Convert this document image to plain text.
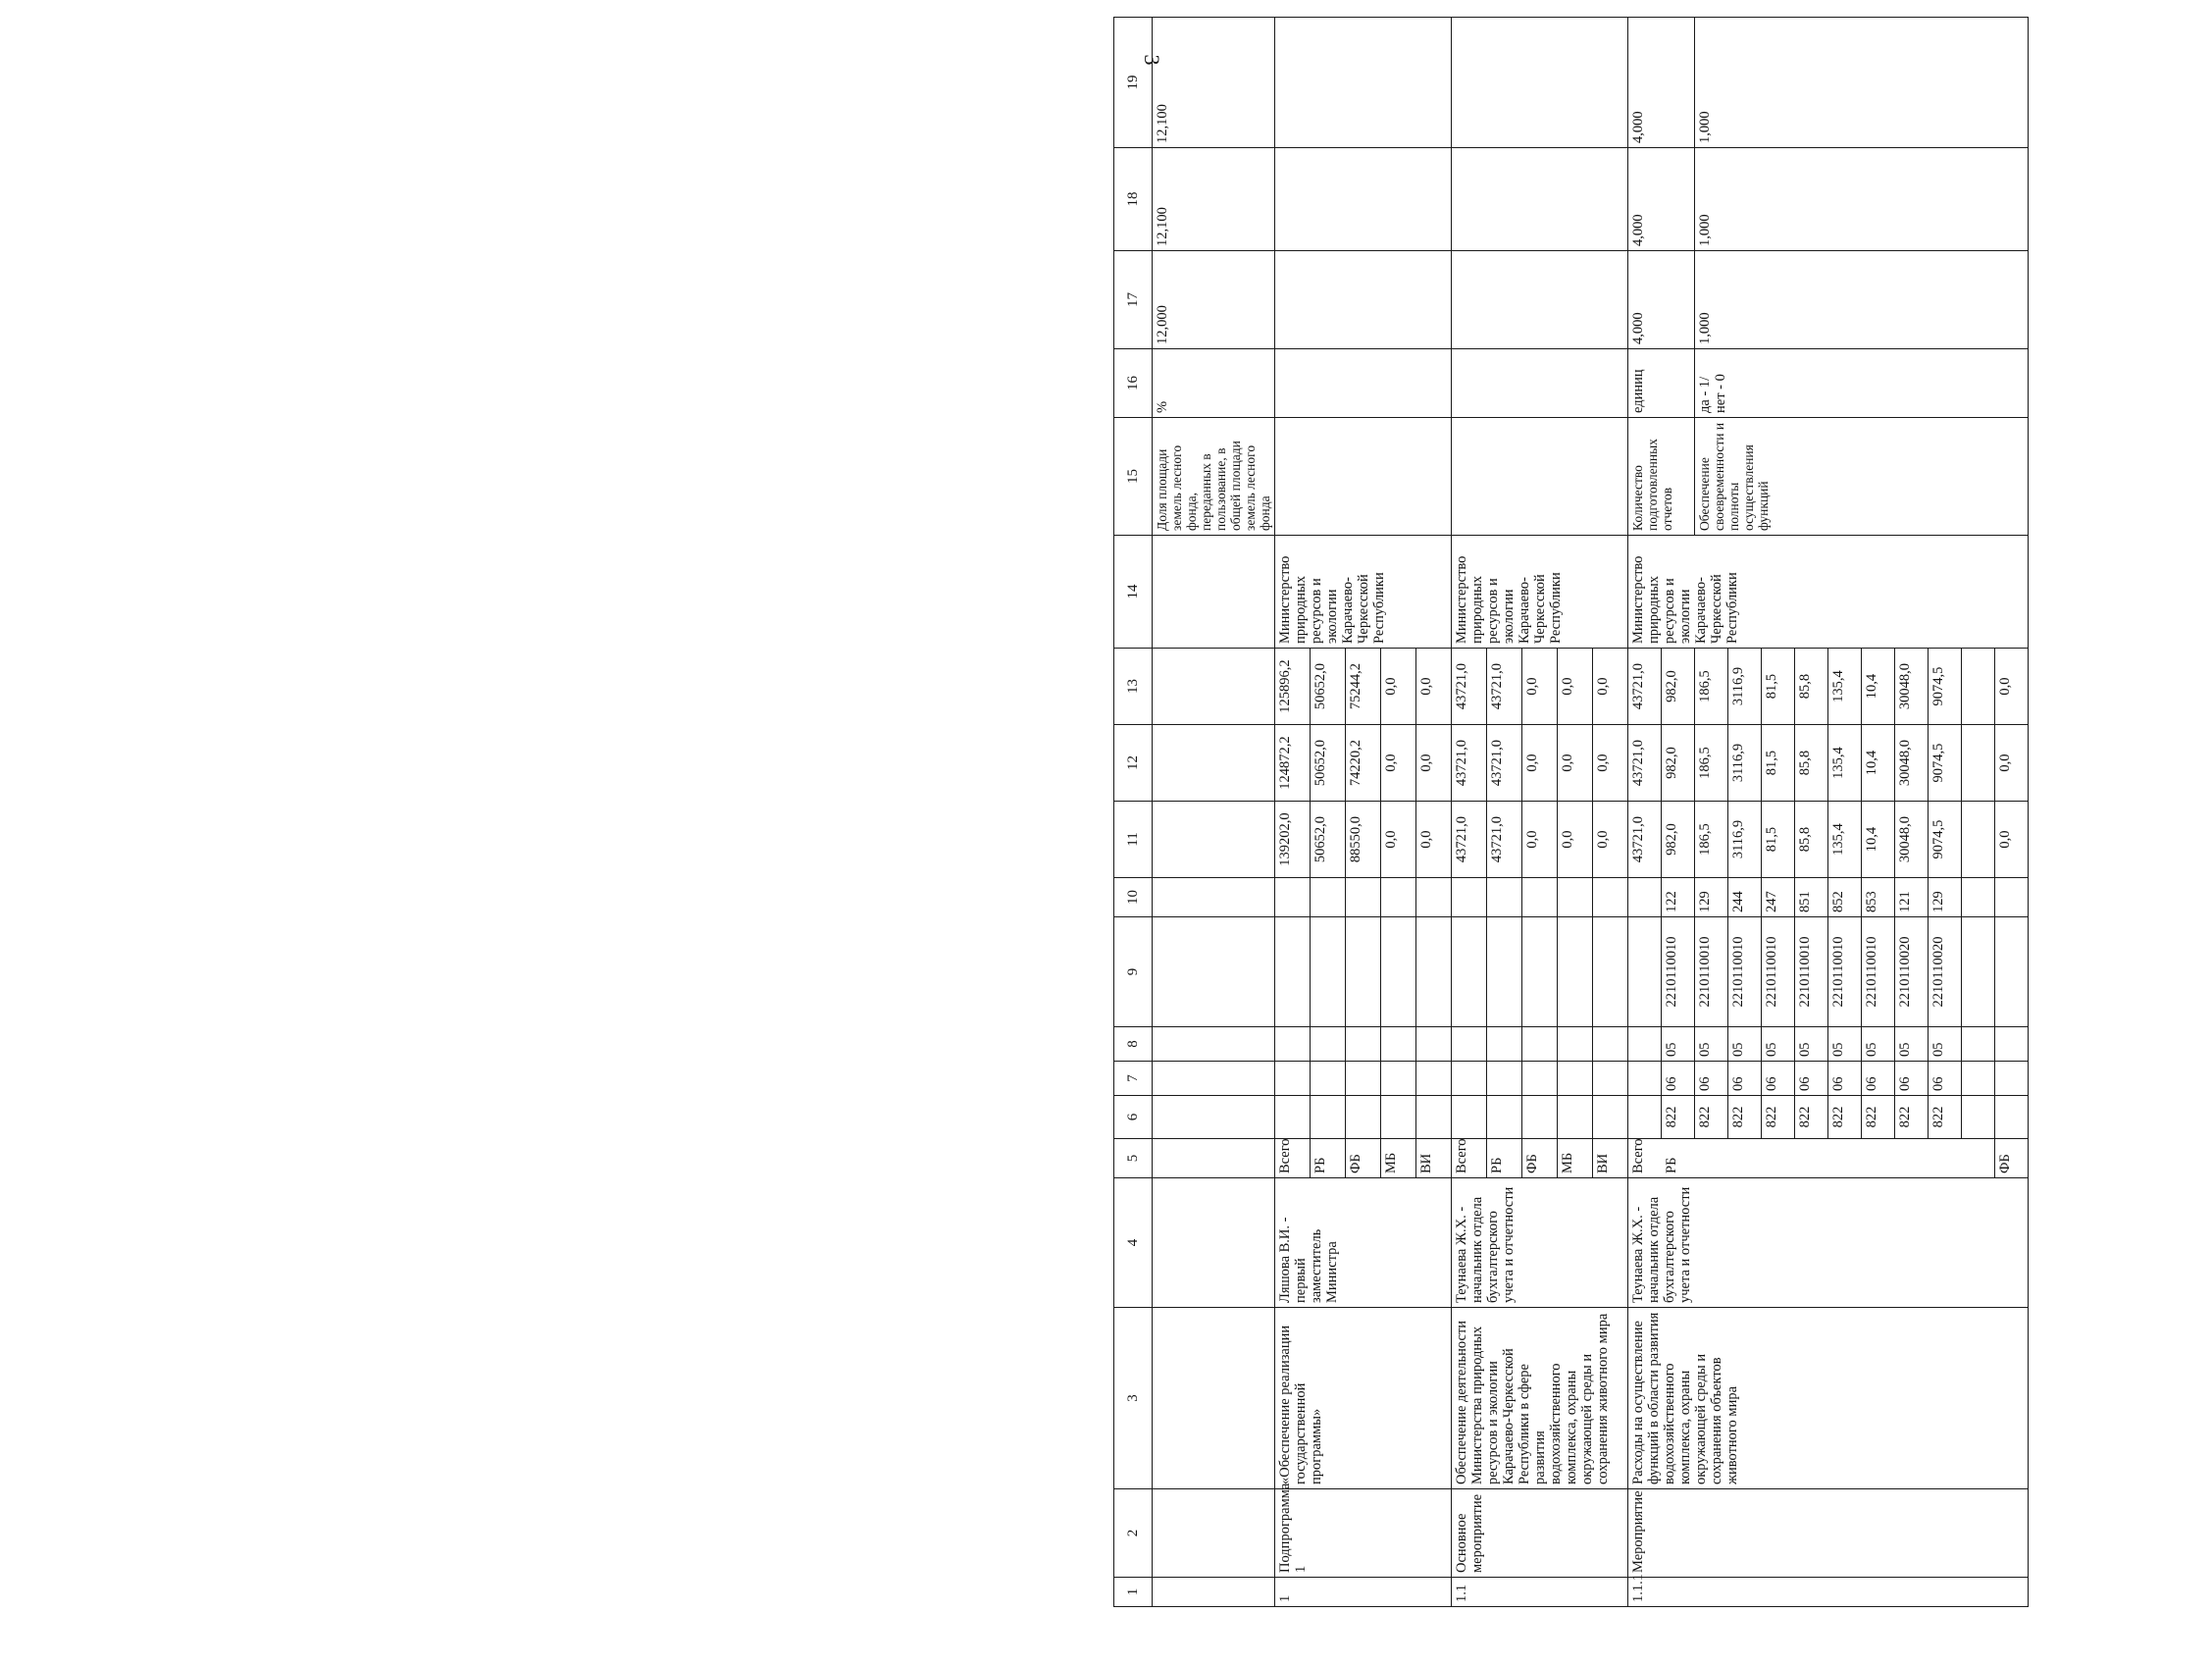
3
1	2	3	4	5	6	7	8	9	10	11	12	13	14	15	16	17	18	19
														Доля площади земель лесного фонда, переданных в пользование, в общей площади земель лесного фонда	%	12,000	12,100	12,100
1	Подпрограмма 1	«Обеспечение реализации государственной программы»	Ляшова В.И. - первый заместитель Министра	Всего						139202,0	124872,2	125896,2	Министерство природных ресурсов и экологии Карачаево-Черкесской Республики					
				РБ						50652,0	50652,0	50652,0						
				ФБ						88550,0	74220,2	75244,2						
				МБ						0,0	0,0	0,0						
				ВИ						0,0	0,0	0,0						
1.1	Основное мероприятие	Обеспечение деятельности Министерства природных ресурсов и экологии Карачаево-Черкесской Республики в сфере развития водохозяйственного комплекса, охраны окружающей среды и сохранения животного мира	Теунаева Ж.Х. - начальник отдела бухгалтерского учета и отчетности	Всего						43721,0	43721,0	43721,0	Министерство природных ресурсов и экологии Карачаево-Черкесской Республики					
				РБ						43721,0	43721,0	43721,0						
				ФБ						0,0	0,0	0,0						
				МБ						0,0	0,0	0,0						
				ВИ						0,0	0,0	0,0						
1.1.1	Мероприятие	Расходы на осуществление функций в области развития водохозяйственного комплекса, охраны окружающей среды и сохранения объектов животного мира	Теунаева Ж.Х. - начальник отдела бухгалтерского учета и отчетности	Всего						43721,0	43721,0	43721,0	Министерство природных ресурсов и экологии Карачаево-Черкесской Республики	Количество подготовленных отчетов	единиц	4,000	4,000	4,000
				РБ	822	06	05	2210110010	122	982,0	982,0	982,0						
					822	06	05	2210110010	129	186,5	186,5	186,5		Обеспечение своевременности и полноты осуществления функций	да - 1/ нет - 0	1,000	1,000	1,000
					822	06	05	2210110010	244	3116,9	3116,9	3116,9						
					822	06	05	2210110010	247	81,5	81,5	81,5						
					822	06	05	2210110010	851	85,8	85,8	85,8						
					822	06	05	2210110010	852	135,4	135,4	135,4						
					822	06	05	2210110010	853	10,4	10,4	10,4						
					822	06	05	2210110020	121	30048,0	30048,0	30048,0						
					822	06	05	2210110020	129	9074,5	9074,5	9074,5						

				ФБ						0,0	0,0	0,0						
